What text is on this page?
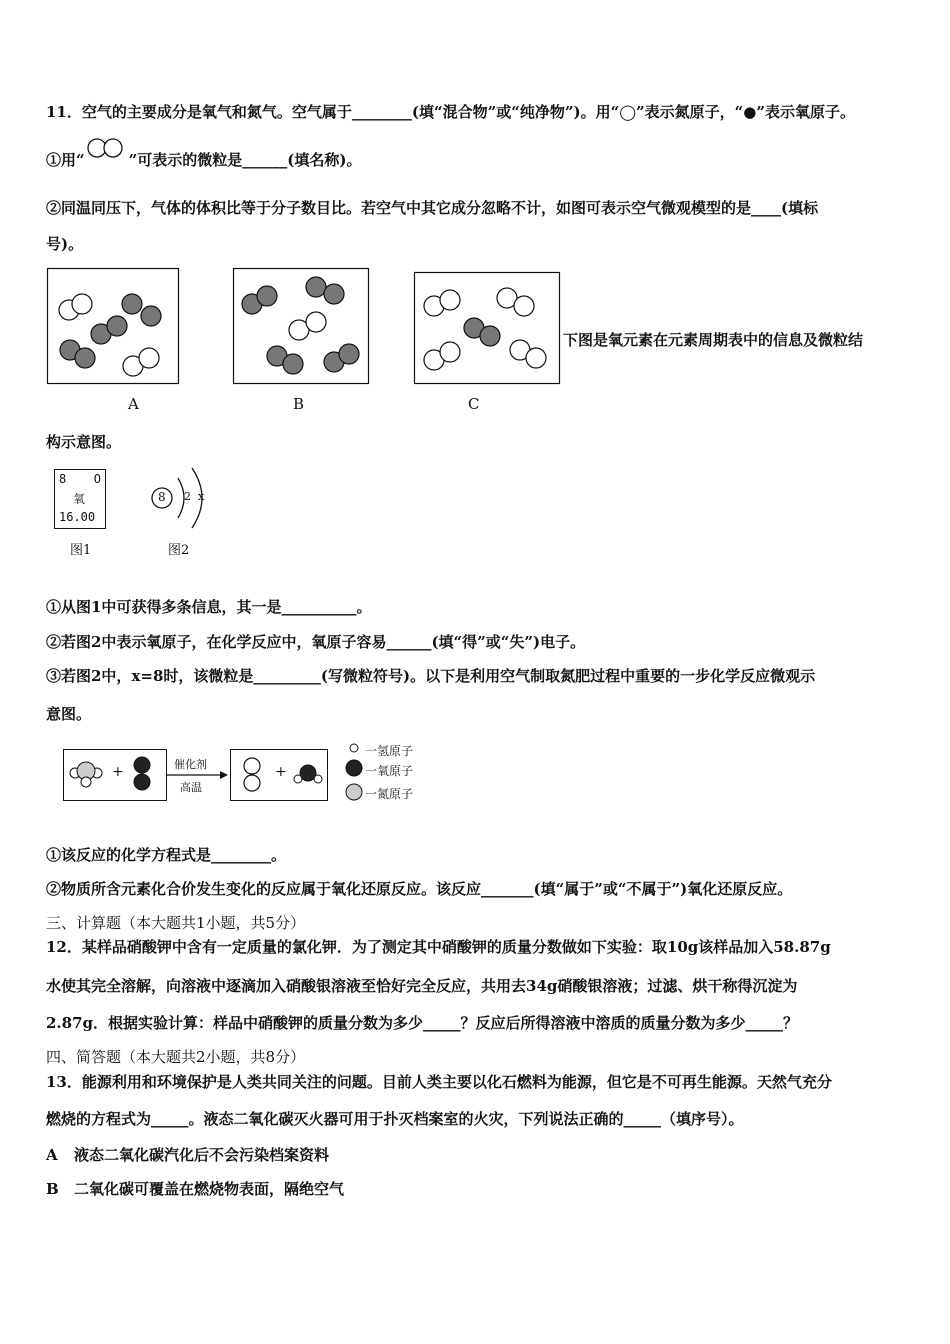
11．空气的主要成分是氧气和氮气。空气属于________(填“混合物”或“纯净物”)。用“◯”表示氮原子，“●”表示氧原子。
①用“	”可表示的微粒是______(填名称)。
②同温同压下，气体的体积比等于分子数目比。若空气中其它成分忽略不计，如图可表示空气微观模型的是____(填标
号)。
A	B	C
下图是氧元素在元素周期表中的信息及微粒结
构示意图。
8 O
氧
16.00
8 2 x
图1	图2
①从图1中可获得多条信息，其一是__________。
②若图2中表示氧原子，在化学反应中，氧原子容易______(填“得”或“失”)电子。
③若图2中，x=8时，该微粒是_________(写微粒符号)。以下是利用空气制取氮肥过程中重要的一步化学反应微观示
意图。
+	催化剂
高温
+
一氢原子
一氧原子
一氮原子
①该反应的化学方程式是________。
②物质所含元素化合价发生变化的反应属于氧化还原反应。该反应_______(填“属于”或“不属于”)氧化还原反应。
三、计算题（本大题共1小题，共5分）
12．某样品硝酸钾中含有一定质量的氯化钾．为了测定其中硝酸钾的质量分数做如下实验：取10g该样品加入58.87g
水使其完全溶解，向溶液中逐滴加入硝酸银溶液至恰好完全反应，共用去34g硝酸银溶液；过滤、烘干称得沉淀为
2.87g．根据实验计算：样品中硝酸钾的质量分数为多少_____？反应后所得溶液中溶质的质量分数为多少_____？
四、简答题（本大题共2小题，共8分）
13．能源利用和环境保护是人类共同关注的问题。目前人类主要以化石燃料为能源，但它是不可再生能源。天然气充分
燃烧的方程式为_____。液态二氧化碳灭火器可用于扑灭档案室的火灾，下列说法正确的_____（填序号）。
A 液态二氧化碳汽化后不会污染档案资料
B 二氧化碳可覆盖在燃烧物表面，隔绝空气
